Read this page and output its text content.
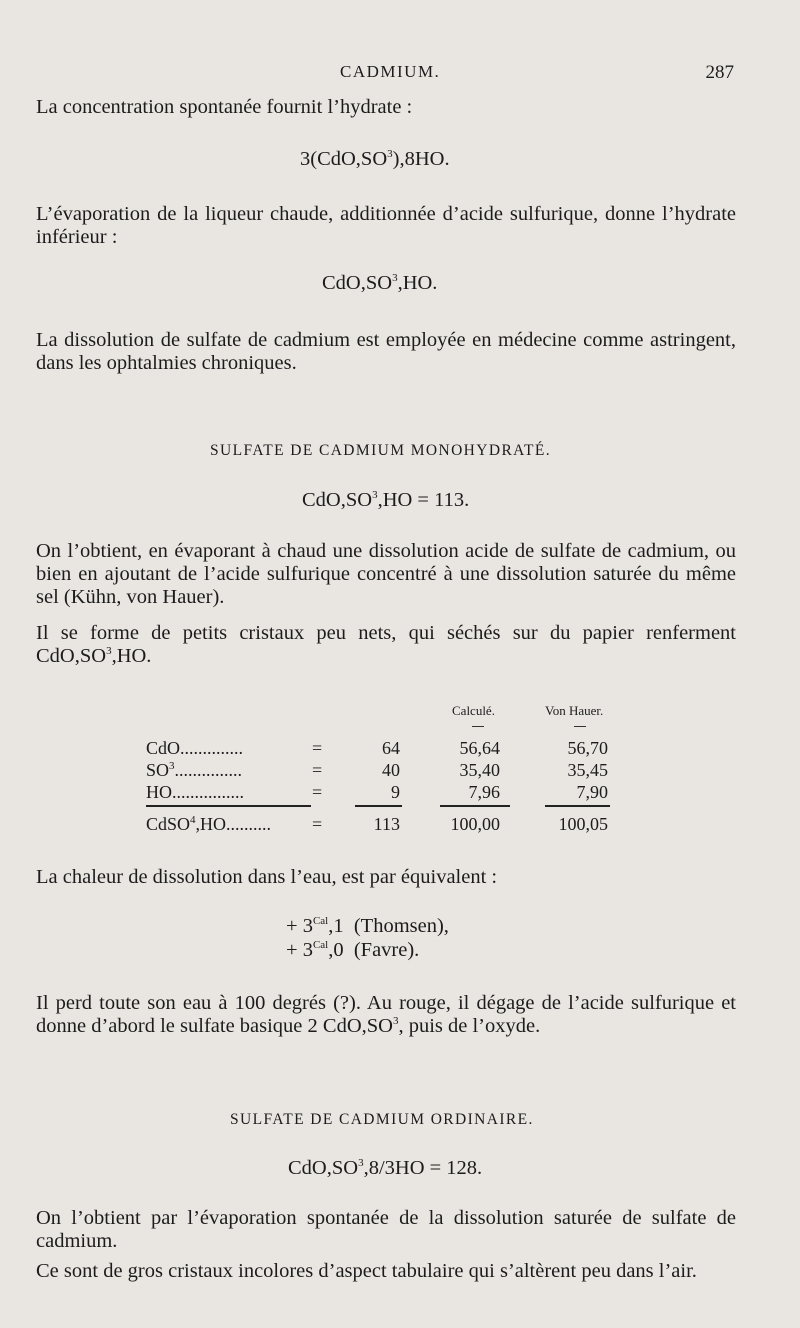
CADMIUM.	287

La concentration spontanée fournit l’hydrate :

$3(CdO,SO^3),8HO$.

L’évaporation de la liqueur chaude, additionnée d’acide sulfurique, donne l’hydrate inférieur :

$CdO,SO^3,HO$.

La dissolution de sulfate de cadmium est employée en médecine comme astringent, dans les ophtalmies chroniques.

SULFATE DE CADMIUM MONOHYDRATÉ.
$CdO,SO^3,HO = 113$.

On l’obtient, en évaporant à chaud une dissolution acide de sulfate de cadmium, ou bien en ajoutant de l’acide sulfurique concentré à une dissolution saturée du même sel (Kühn, von Hauer).

Il se forme de petits cristaux peu nets, qui séchés sur du papier renferment $CdO,SO^3,HO$.

Calculé.	Von Hauer.
CdO..............	=	64	56,64	56,70
$SO^3$...............	=	40	35,40	35,45
HO................	=	9	7,96	7,90
CdSO$^4$,HO.......... =	113	100,00	100,05

La chaleur de dissolution dans l’eau, est par équivalent :

+ $3^{Cal},1$ (Thomsen),
+ $3^{Cal},0$ (Favre).

Il perd toute son eau à 100 degrés (?). Au rouge, il dégage de l’acide sulfurique et donne d’abord le sulfate basique 2 $CdO,SO^3$, puis de l’oxyde.

SULFATE DE CADMIUM ORDINAIRE.
$CdO,SO^3,8/3HO = 128$.

On l’obtient par l’évaporation spontanée de la dissolution saturée de sulfate de cadmium.

Ce sont de gros cristaux incolores d’aspect tabulaire qui s’altèrent peu dans l’air.
